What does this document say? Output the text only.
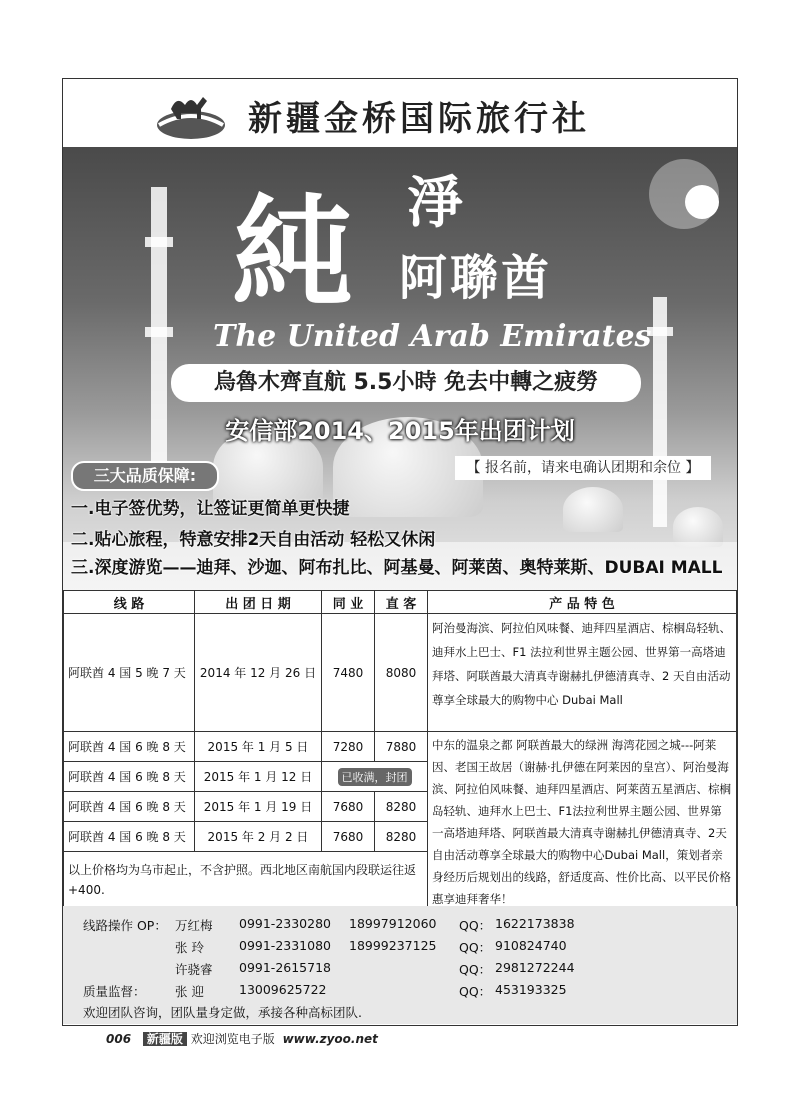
新疆金桥国际旅行社
純 淨
阿聯酋
The United Arab Emirates
烏魯木齊直航 5.5小時 免去中轉之疲勞
安信部2014、2015年出团计划
三大品质保障:	【 报名前，请来电确认团期和余位 】
一.电子签优势，让签证更简单更快捷
二.贴心旅程，特意安排2天自由活动 轻松又休闲
三.深度游览——迪拜、沙迦、阿布扎比、阿基曼、阿莱茵、奥特莱斯、DUBAI MALL
线 路	出 团 日 期	同 业	直 客	产 品 特 色
阿联酋 4 国 5 晚 7 天	2014 年 12 月 26 日	7480	8080	阿治曼海滨、阿拉伯风味餐、迪拜四星酒店、棕榈岛轻轨、迪拜水上巴士、F1 法拉利世界主题公园、世界第一高塔迪拜塔、阿联酋最大清真寺谢赫扎伊德清真寺、2 天自由活动尊享全球最大的购物中心 Dubai Mall
阿联酋 4 国 6 晚 8 天	2015 年 1 月 5 日	7280	7880	中东的温泉之都 阿联酋最大的绿洲 海湾花园之城---阿莱因、老国王故居（谢赫·扎伊德在阿莱因的皇宫）、阿治曼海滨、阿拉伯风味餐、迪拜四星酒店、阿莱茵五星酒店、棕榈岛轻轨、迪拜水上巴士、F1法拉利世界主题公园、世界第一高塔迪拜塔、阿联酋最大清真寺谢赫扎伊德清真寺、2天自由活动尊享全球最大的购物中心Dubai Mall，策划者亲身经历后规划出的线路，舒适度高、性价比高、以平民价格惠享迪拜奢华！
阿联酋 4 国 6 晚 8 天	2015 年 1 月 12 日	已收满，封团		
阿联酋 4 国 6 晚 8 天	2015 年 1 月 19 日	7680	8280	
阿联酋 4 国 6 晚 8 天	2015 年 2 月 2 日	7680	8280	
以上价格均为乌市起止，不含护照。西北地区南航国内段联运往返 +400.				
线路操作 OP： 万红梅 0991-2330280 18997912060 QQ： 1622173838
张 玲	0991-2331080 18999237125 QQ： 910824740
许骁睿 0991-2615718	QQ： 2981272244
质量监督： 张 迎	13009625722	QQ： 453193325
欢迎团队咨询，团队量身定做，承接各种高标团队.
006 新疆版 欢迎浏览电子版 www.zyoo.net
